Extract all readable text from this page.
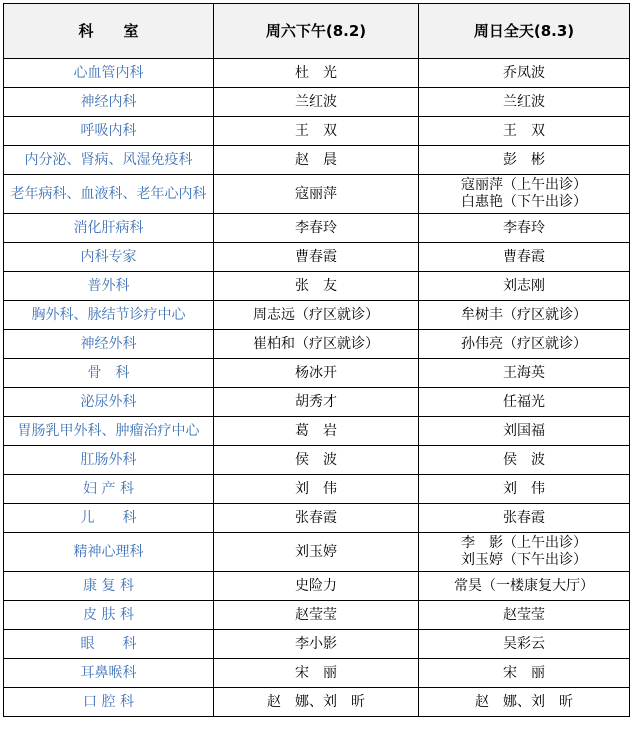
科　　室	周六下午(8.2)	周日全天(8.3)
心血管内科	杜　光	乔凤波
神经内科	兰红波	兰红波
呼吸内科	王　双	王　双
内分泌、肾病、风湿免疫科	赵　晨	彭　彬
老年病科、血液科、老年心内科	寇丽萍	寇丽萍（上午出诊）
白惠艳（下午出诊）
消化肝病科	李春玲	李春玲
内科专家	曹春霞	曹春霞
普外科	张　友	刘志刚
胸外科、脉结节诊疗中心	周志远（疗区就诊）	牟树丰（疗区就诊）
神经外科	崔柏和（疗区就诊）	孙伟亮（疗区就诊）
骨　科	杨冰开	王海英
泌尿外科	胡秀才	任福光
胃肠乳甲外科、肿瘤治疗中心	葛　岩	刘国福
肛肠外科	侯　波	侯　波
妇 产 科	刘　伟	刘　伟
儿　　科	张春霞	张春霞
精神心理科	刘玉婷	李　影（上午出诊）
刘玉婷（下午出诊）
康 复 科	史险力	常昊（一楼康复大厅）
皮 肤 科	赵莹莹	赵莹莹
眼　　科	李小影	吴彩云
耳鼻喉科	宋　丽	宋　丽
口 腔 科	赵　娜、刘　昕	赵　娜、刘　昕
